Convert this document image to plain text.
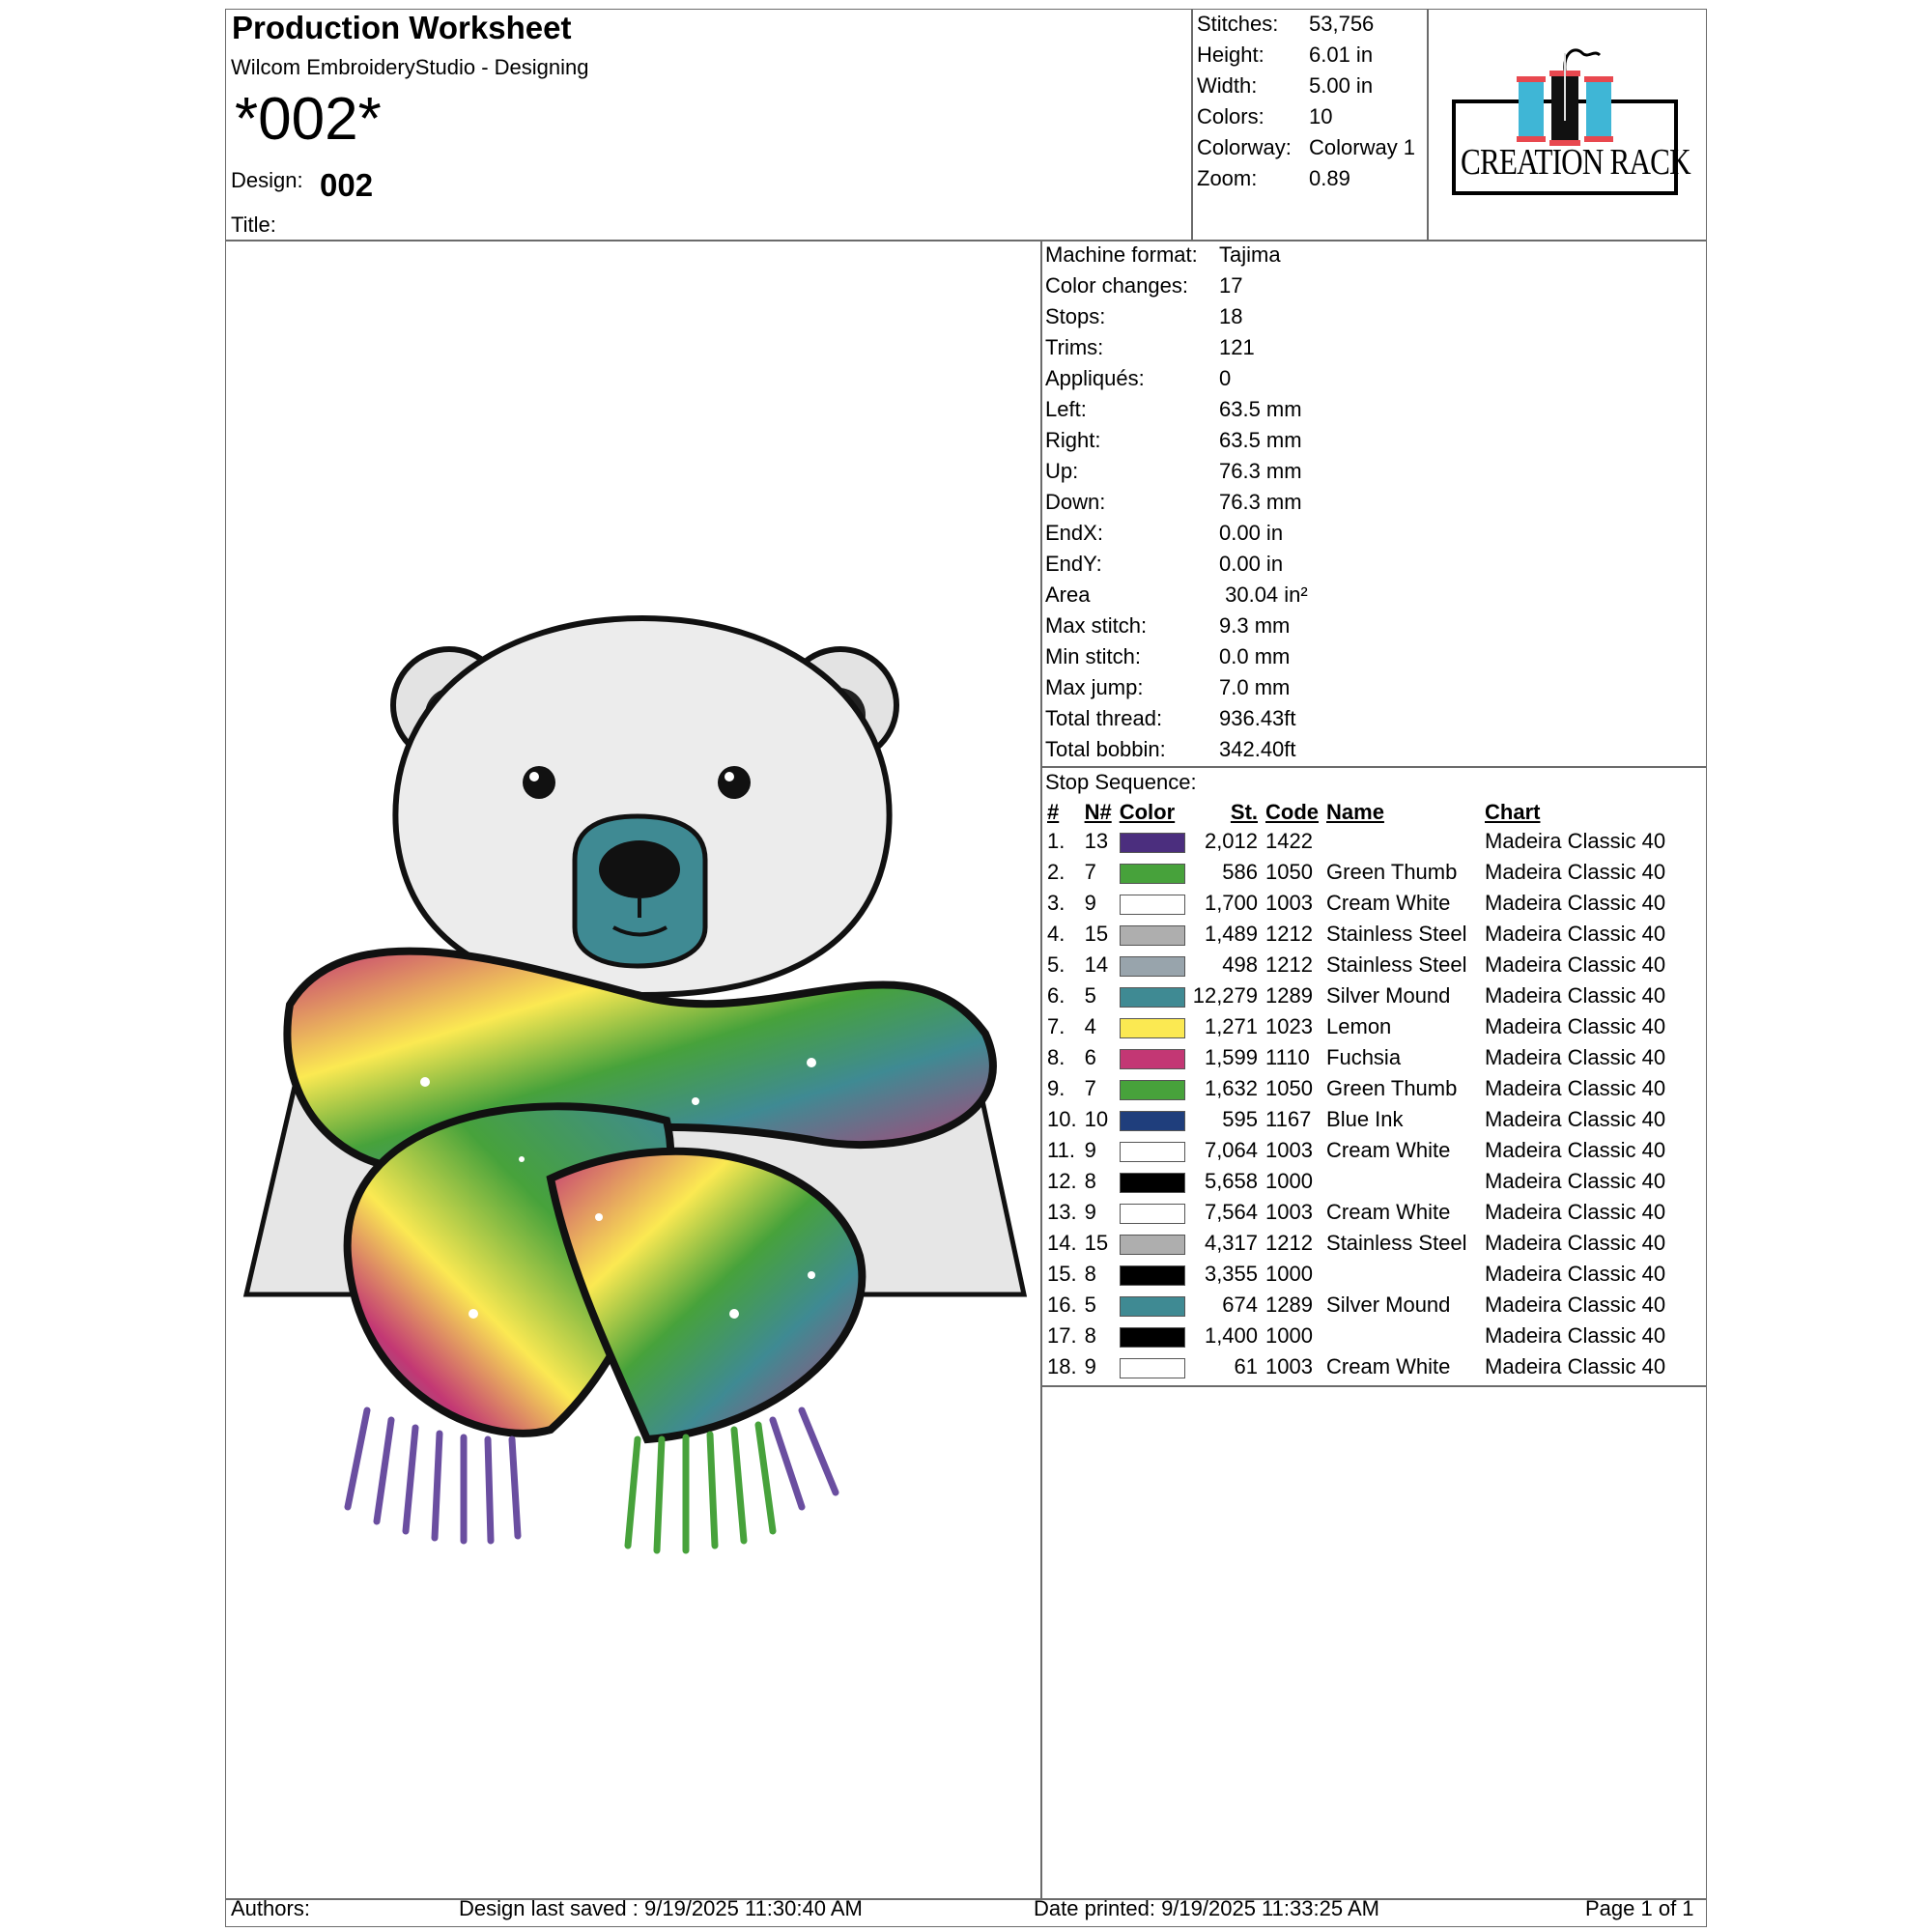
Production Worksheet
Wilcom EmbroideryStudio - Designing
*002*
Design: 002
Title:
Stitches: 53,756
Height: 6.01 in
Width: 5.00 in
Colors: 10
Colorway: Colorway 1
Zoom: 0.89	CREATION RACK
Machine format: Tajima
Color changes: 17
Stops:	18
Trims:	121
Appliqués:	0
Left:	63.5 mm
Right:	63.5 mm
Up:	76.3 mm
Down:	76.3 mm
EndX:	0.00 in
EndY:	0.00 in
Area	30.04 in²
Max stitch:	9.3 mm
Min stitch:	0.0 mm
Max jump:	7.0 mm
Total thread:	936.43ft
Total bobbin:	342.40ft
Stop Sequence:
#	N#	Color	St.	Code	Name	Chart
1.	13		2,012	1422		Madeira Classic 40
2.	7		586	1050	Green Thumb	Madeira Classic 40
3.	9		1,700	1003	Cream White	Madeira Classic 40
4.	15		1,489	1212	Stainless Steel	Madeira Classic 40
5.	14		498	1212	Stainless Steel	Madeira Classic 40
6.	5		12,279	1289	Silver Mound	Madeira Classic 40
7.	4		1,271	1023	Lemon	Madeira Classic 40
8.	6		1,599	1110	Fuchsia	Madeira Classic 40
9.	7		1,632	1050	Green Thumb	Madeira Classic 40
10.	10		595	1167	Blue Ink	Madeira Classic 40
11.	9		7,064	1003	Cream White	Madeira Classic 40
12.	8		5,658	1000		Madeira Classic 40
13.	9		7,564	1003	Cream White	Madeira Classic 40
14.	15		4,317	1212	Stainless Steel	Madeira Classic 40
15.	8		3,355	1000		Madeira Classic 40
16.	5		674	1289	Silver Mound	Madeira Classic 40
17.	8		1,400	1000		Madeira Classic 40
18.	9		61	1003	Cream White	Madeira Classic 40
Authors:	Design last saved : 9/19/2025 11:30:40 AM	Date printed: 9/19/2025 11:33:25 AM	Page 1 of 1
